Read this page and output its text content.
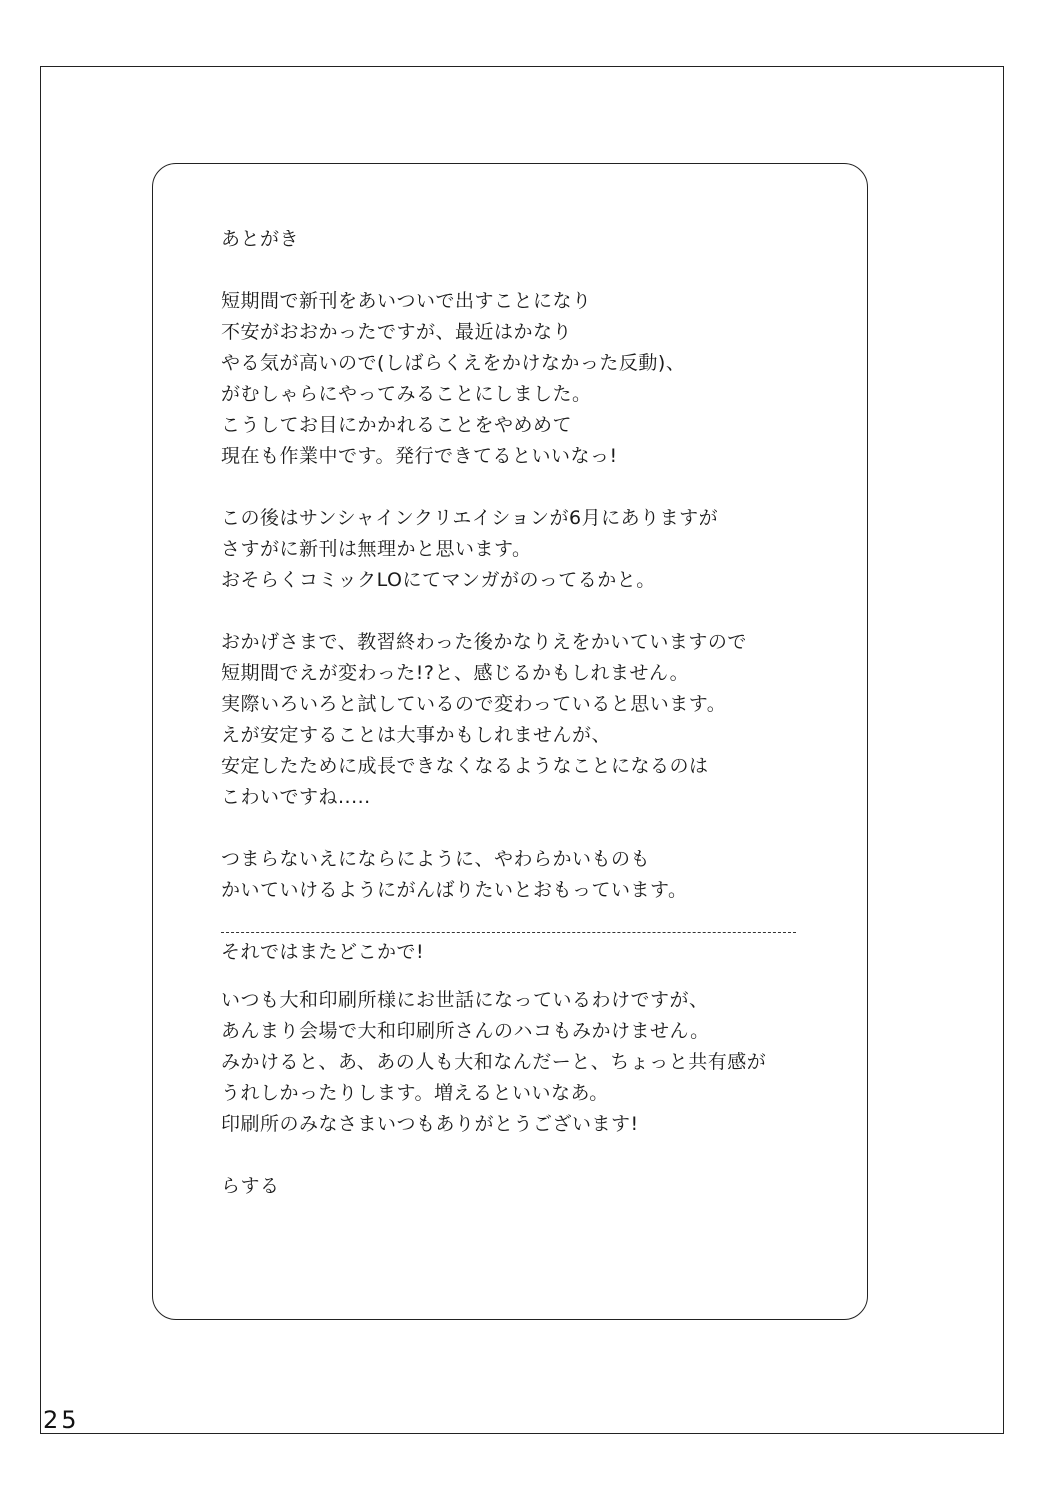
あとがき
短期間で新刊をあいついで出すことになり
不安がおおかったですが、最近はかなり
やる気が高いので(しばらくえをかけなかった反動)、
がむしゃらにやってみることにしました。
こうしてお目にかかれることをやめめて
現在も作業中です。発行できてるといいなっ!
この後はサンシャインクリエイションが6月にありますが
さすがに新刊は無理かと思います。
おそらくコミックLOにてマンガがのってるかと。
おかげさまで、教習終わった後かなりえをかいていますので
短期間でえが変わった!?と、感じるかもしれません。
実際いろいろと試しているので変わっていると思います。
えが安定することは大事かもしれませんが、
安定したために成長できなくなるようなことになるのは
こわいですね.....
つまらないえにならにように、やわらかいものも
かいていけるようにがんばりたいとおもっています。
それではまたどこかで!
いつも大和印刷所様にお世話になっているわけですが、
あんまり会場で大和印刷所さんのハコもみかけません。
みかけると、あ、あの人も大和なんだーと、ちょっと共有感が
うれしかったりします。増えるといいなあ。
印刷所のみなさまいつもありがとうございます!
らする
25
